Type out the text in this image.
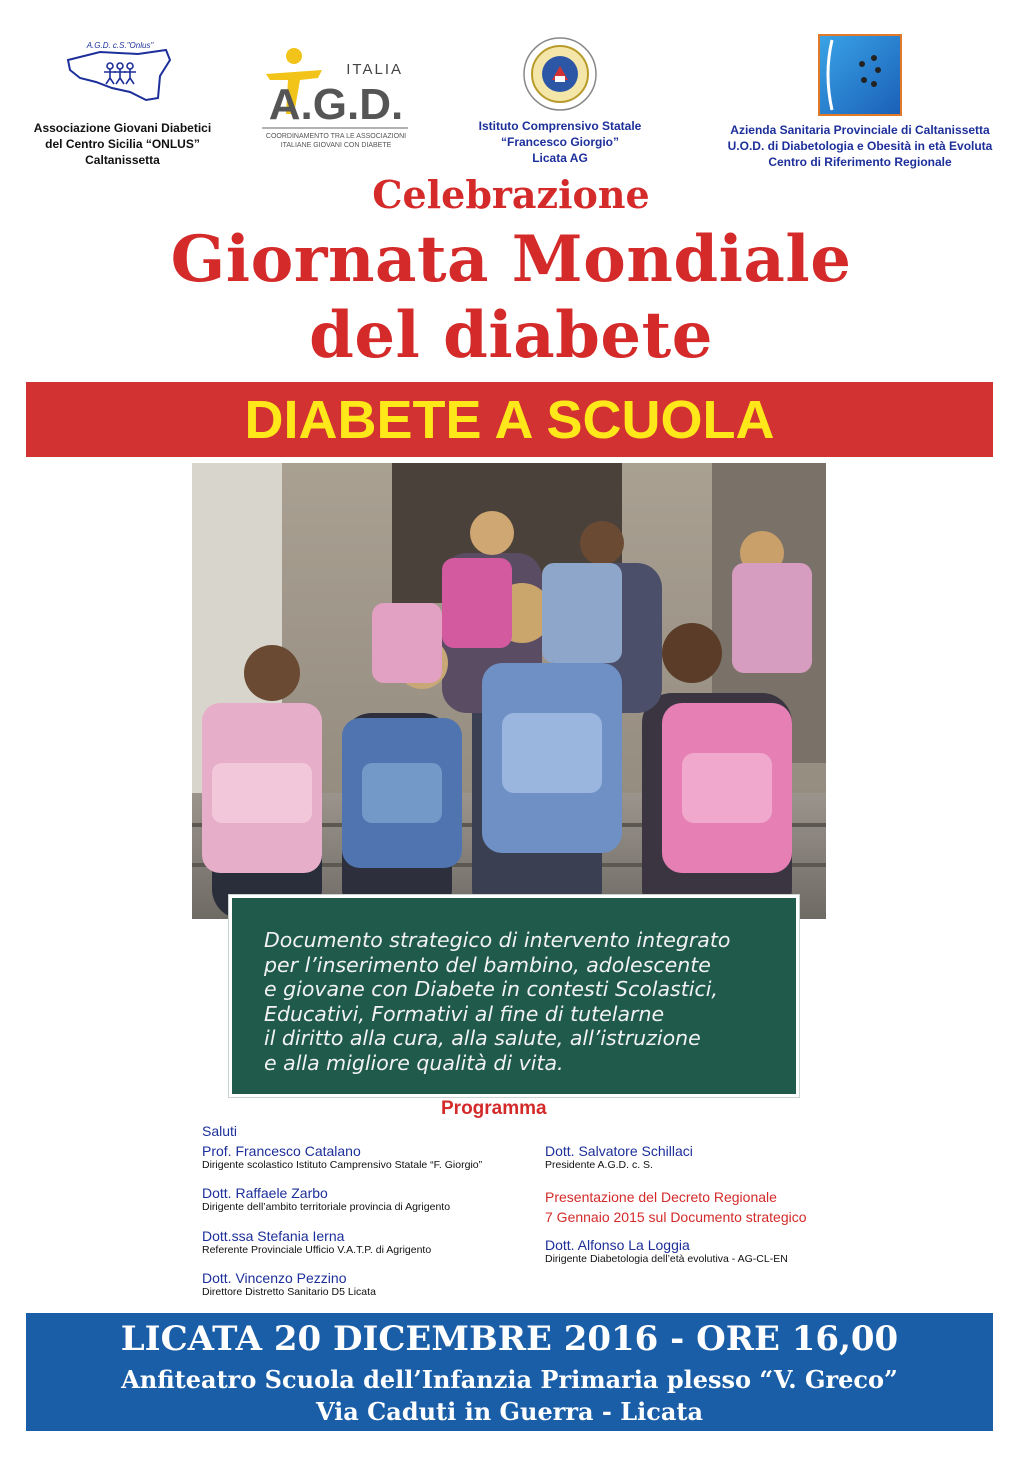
A.G.D. c.S."Onlus"
Associazione Giovani Diabetici
del Centro Sicilia “ONLUS”
Caltanissetta
ITALIA
A.G.D.
COORDINAMENTO TRA LE ASSOCIAZIONI
ITALIANE GIOVANI CON DIABETE
Istituto Comprensivo Statale
“Francesco Giorgio”
Licata AG
Azienda Sanitaria Provinciale di Caltanissetta
U.O.D. di Diabetologia e Obesità in età Evoluta
Centro di Riferimento Regionale
Celebrazione
Giornata Mondiale
del diabete
DIABETE A SCUOLA

Documento strategico di intervento integrato
per l’inserimento del bambino, adolescente
e giovane con Diabete in contesti Scolastici,
Educativi, Formativi al fine di tutelarne
il diritto alla cura, alla salute, all’istruzione
e alla migliore qualità di vita.

Programma
Saluti
Prof. Francesco Catalano
Dirigente scolastico Istituto Camprensivo Statale “F. Giorgio”
Dott. Raffaele Zarbo
Dirigente dell’ambito territoriale provincia di Agrigento
Dott.ssa Stefania Ierna
Referente Provinciale Ufficio V.A.T.P. di Agrigento
Dott. Vincenzo Pezzino
Direttore Distretto Sanitario D5 Licata
Dott. Salvatore Schillaci
Presidente A.G.D. c. S.
Presentazione del Decreto Regionale
7 Gennaio 2015 sul Documento strategico
Dott. Alfonso La Loggia
Dirigente Diabetologia dell’età evolutiva - AG-CL-EN
LICATA 20 DICEMBRE 2016 - ORE 16,00
Anfiteatro Scuola dell’Infanzia Primaria plesso “V. Greco”
Via Caduti in Guerra - Licata
